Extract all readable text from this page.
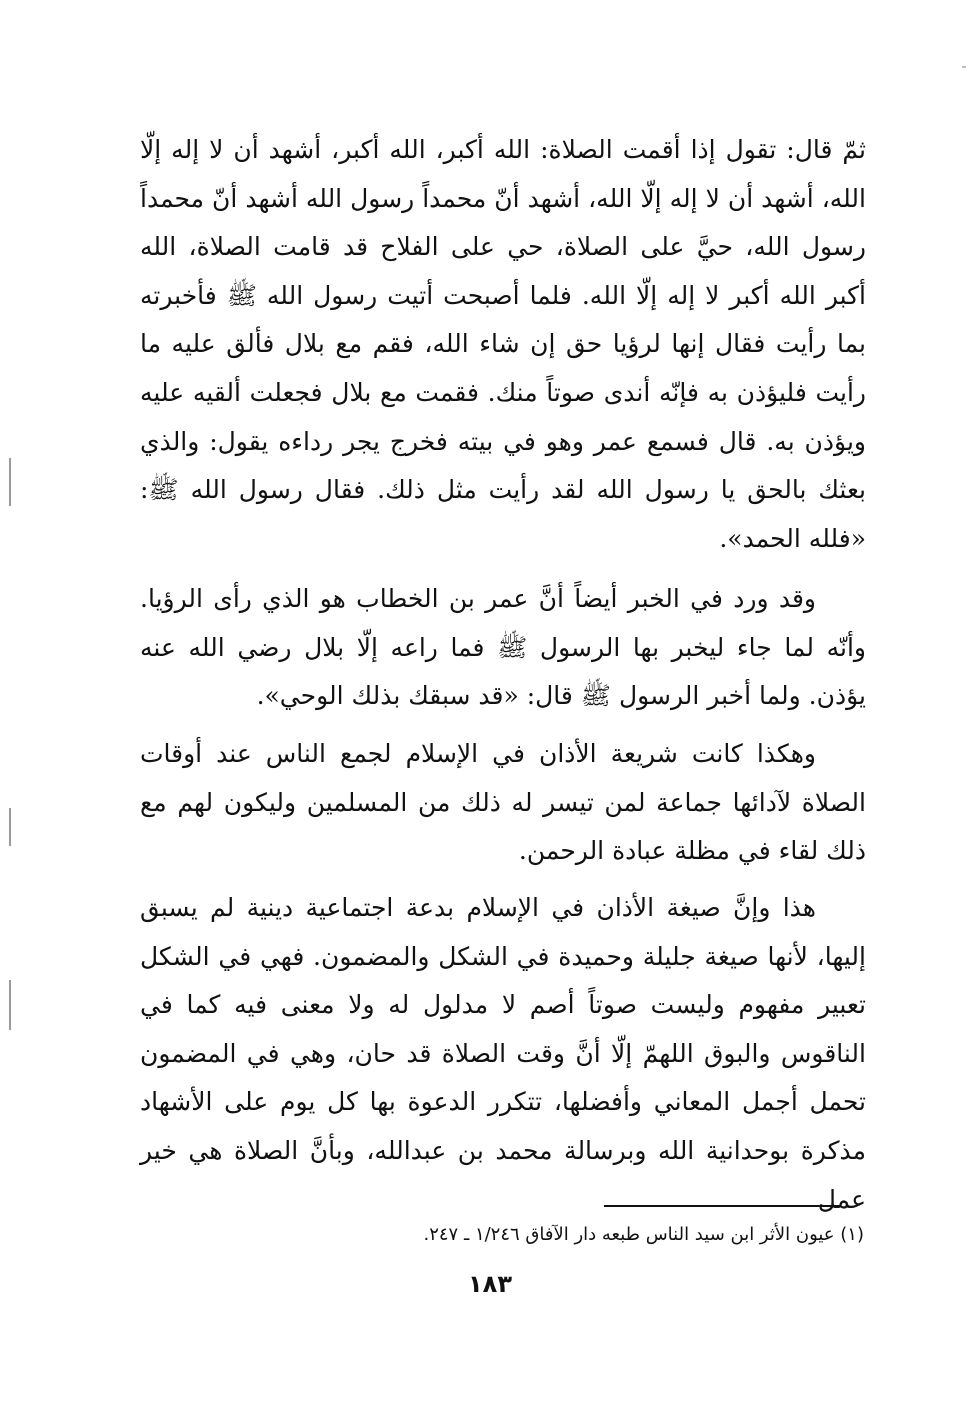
ثمّ قال: تقول إذا أقمت الصلاة: الله أكبر، الله أكبر، أشهد أن لا إله إلّا الله، أشهد أن لا إله إلّا الله، أشهد أنّ محمداً رسول الله أشهد أنّ محمداً رسول الله، حيَّ على الصلاة، حي على الفلاح قد قامت الصلاة، الله أكبر الله أكبر لا إله إلّا الله. فلما أصبحت أتيت رسول الله ﷺ فأخبرته بما رأيت فقال إنها لرؤيا حق إن شاء الله، فقم مع بلال فألق عليه ما رأيت فليؤذن به فإنّه أندى صوتاً منك. فقمت مع بلال فجعلت ألقيه عليه ويؤذن به. قال فسمع عمر وهو في بيته فخرج يجر رداءه يقول: والذي بعثك بالحق يا رسول الله لقد رأيت مثل ذلك. فقال رسول الله ﷺ: «فلله الحمد».

وقد ورد في الخبر أيضاً أنَّ عمر بن الخطاب هو الذي رأى الرؤيا. وأنّه لما جاء ليخبر بها الرسول ﷺ فما راعه إلّا بلال رضي الله عنه يؤذن. ولما أخبر الرسول ﷺ قال: «قد سبقك بذلك الوحي».

وهكذا كانت شريعة الأذان في الإسلام لجمع الناس عند أوقات الصلاة لآدائها جماعة لمن تيسر له ذلك من المسلمين وليكون لهم مع ذلك لقاء في مظلة عبادة الرحمن.

هذا وإنَّ صيغة الأذان في الإسلام بدعة اجتماعية دينية لم يسبق إليها، لأنها صيغة جليلة وحميدة في الشكل والمضمون. فهي في الشكل تعبير مفهوم وليست صوتاً أصم لا مدلول له ولا معنى فيه كما في الناقوس والبوق اللهمّ إلّا أنَّ وقت الصلاة قد حان، وهي في المضمون تحمل أجمل المعاني وأفضلها، تتكرر الدعوة بها كل يوم على الأشهاد مذكرة بوحدانية الله وبرسالة محمد بن عبدالله، وبأنَّ الصلاة هي خير عمل

(١) عيون الأثر ابن سيد الناس طبعه دار الآفاق ١/٢٤٦ ـ ٢٤٧.
١٨٣
